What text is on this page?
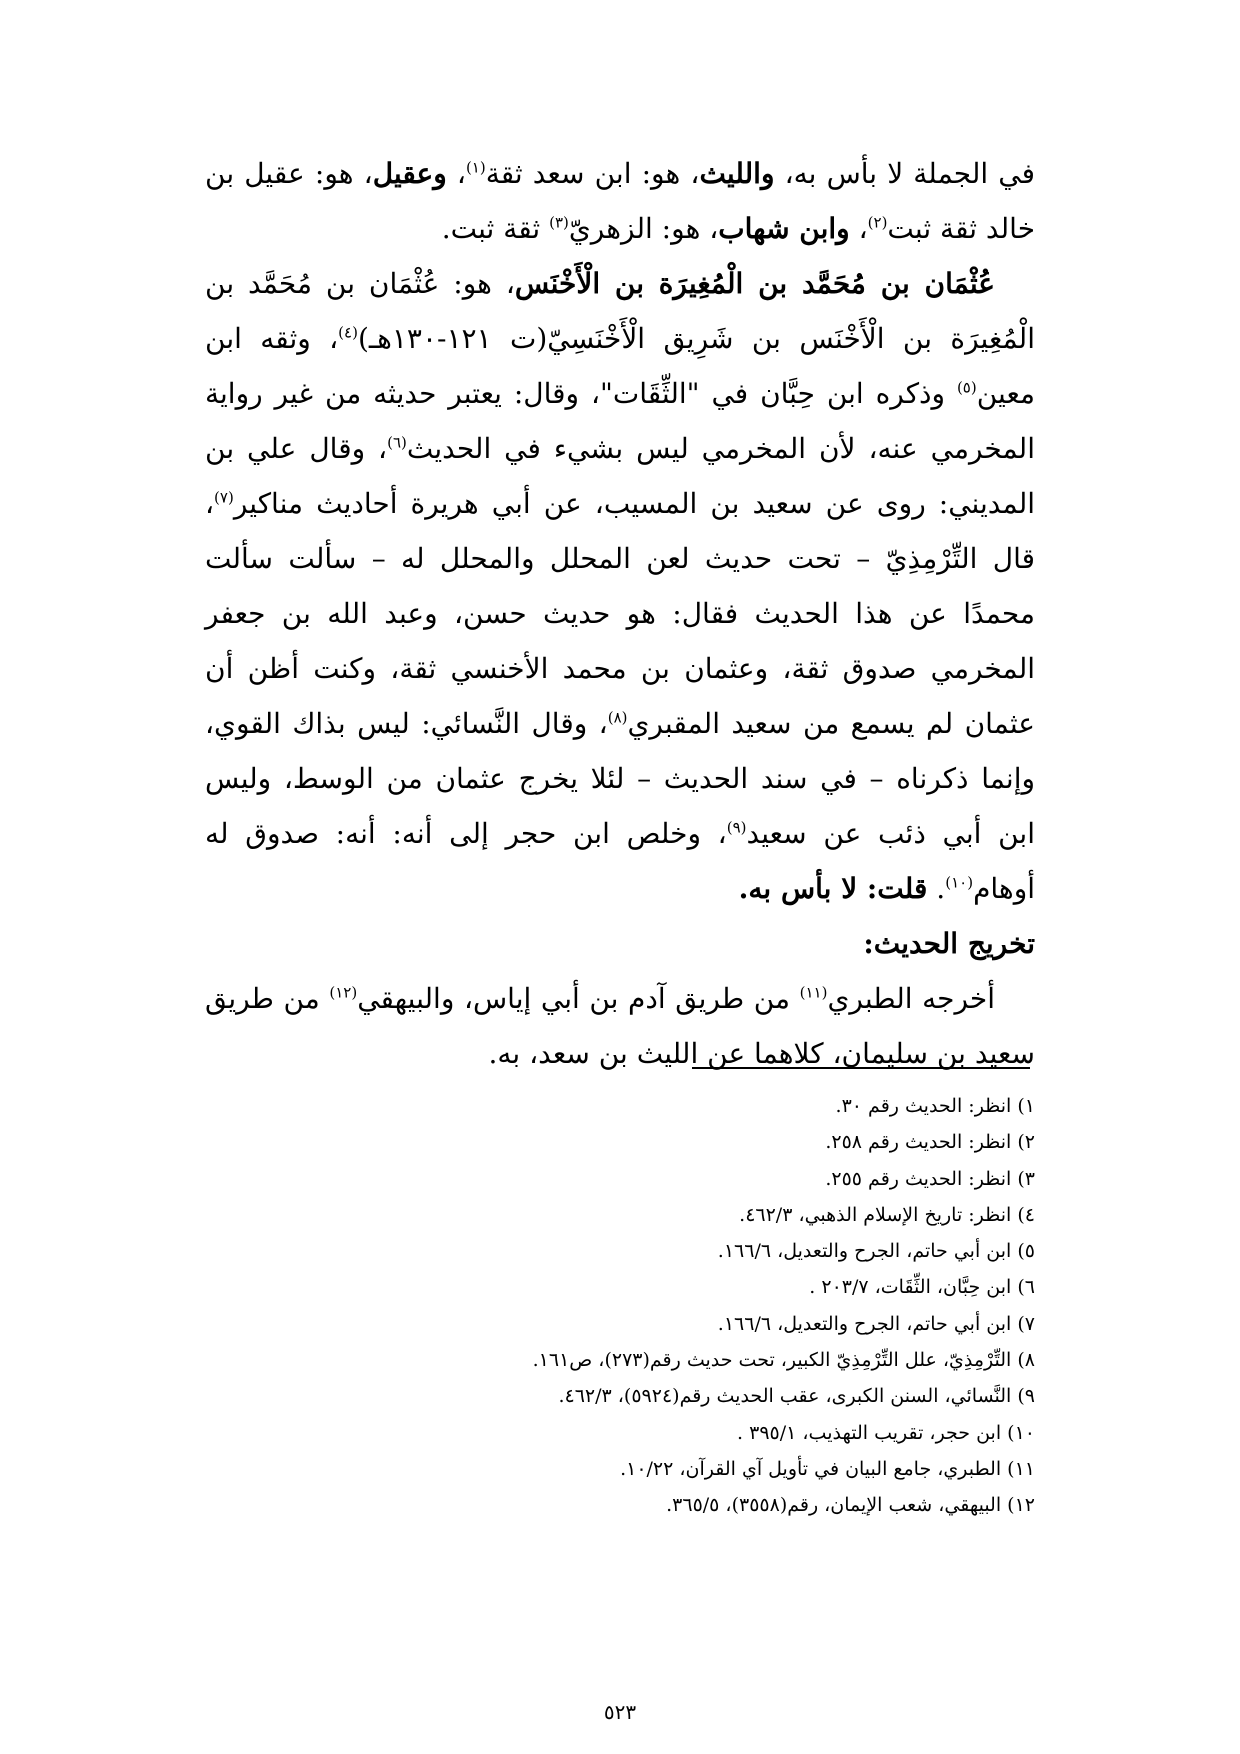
في الجملة لا بأس به، والليث، هو: ابن سعد ثقة$^{(١)}$، وعقيل، هو: عقيل بن خالد ثقة ثبت$^{(٢)}$، وابن شهاب، هو: الزهريّ$^{(٣)}$ ثقة ثبت.

عُثْمَان بن مُحَمَّد بن الْمُغِيرَة بن الْأَخْنَس، هو: عُثْمَان بن مُحَمَّد بن الْمُغِيرَة بن الْأَخْنَس بن شَرِيق الْأَخْنَسِيّ(ت ١٢١-١٣٠هـ)$^{(٤)}$، وثقه ابن معين$^{(٥)}$ وذكره ابن حِبَّان في "الثِّقَات"، وقال: يعتبر حديثه من غير رواية المخرمي عنه، لأن المخرمي ليس بشيء في الحديث$^{(٦)}$، وقال علي بن المديني: روى عن سعيد بن المسيب، عن أبي هريرة أحاديث مناكير$^{(٧)}$، قال التِّرْمِذِيّ – تحت حديث لعن المحلل والمحلل له – سألت سألت محمدًا عن هذا الحديث فقال: هو حديث حسن، وعبد الله بن جعفر المخرمي صدوق ثقة، وعثمان بن محمد الأخنسي ثقة، وكنت أظن أن عثمان لم يسمع من سعيد المقبري$^{(٨)}$، وقال النَّسائي: ليس بذاك القوي، وإنما ذكرناه – في سند الحديث – لئلا يخرج عثمان من الوسط، وليس ابن أبي ذئب عن سعيد$^{(٩)}$، وخلص ابن حجر إلى أنه: أنه: صدوق له أوهام$^{(١٠)}$. قلت: لا بأس به.

تخريج الحديث:

أخرجه الطبري$^{(١١)}$ من طريق آدم بن أبي إياس، والبيهقي$^{(١٢)}$ من طريق سعيد بن سليمان، كلاهما عن الليث بن سعد، به.

١) انظر: الحديث رقم ٣٠.
٢) انظر: الحديث رقم ٢٥٨.
٣) انظر: الحديث رقم ٢٥٥.
٤) انظر: تاريخ الإسلام الذهبي، ٤٦٢/٣.
٥) ابن أبي حاتم، الجرح والتعديل، ١٦٦/٦.
٦) ابن حِبَّان، الثِّقَات، ٢٠٣/٧ .
٧) ابن أبي حاتم، الجرح والتعديل، ١٦٦/٦.
٨) التِّرْمِذِيّ، علل التِّرْمِذِيّ الكبير، تحت حديث رقم(٢٧٣)، ص١٦١.
٩) النَّسائي، السنن الكبرى، عقب الحديث رقم(٥٩٢٤)، ٤٦٢/٣.
١٠) ابن حجر، تقريب التهذيب، ٣٩٥/١ .
١١) الطبري، جامع البيان في تأويل آي القرآن، ١٠/٢٢.
١٢) البيهقي، شعب الإيمان، رقم(٣٥٥٨)، ٣٦٥/٥.
٥٢٣
